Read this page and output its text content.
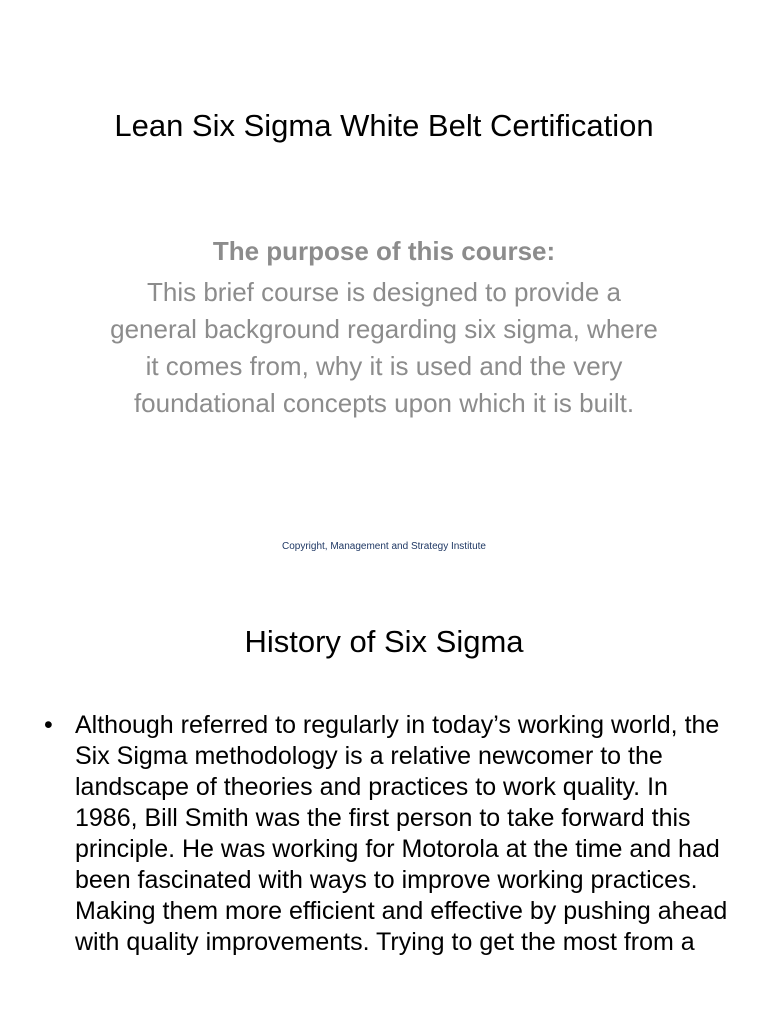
Lean Six Sigma White Belt Certification

The purpose of this course:

This brief course is designed to provide a general background regarding six sigma, where it comes from, why it is used and the very foundational concepts upon which it is built.

Copyright, Management and Strategy Institute
History of Six Sigma
• Although referred to regularly in today’s working world, the Six Sigma methodology is a relative newcomer to the landscape of theories and practices to work quality. In 1986, Bill Smith was the first person to take forward this principle. He was working for Motorola at the time and had been fascinated with ways to improve working practices. Making them more efficient and effective by pushing ahead with quality improvements. Trying to get the most from a
